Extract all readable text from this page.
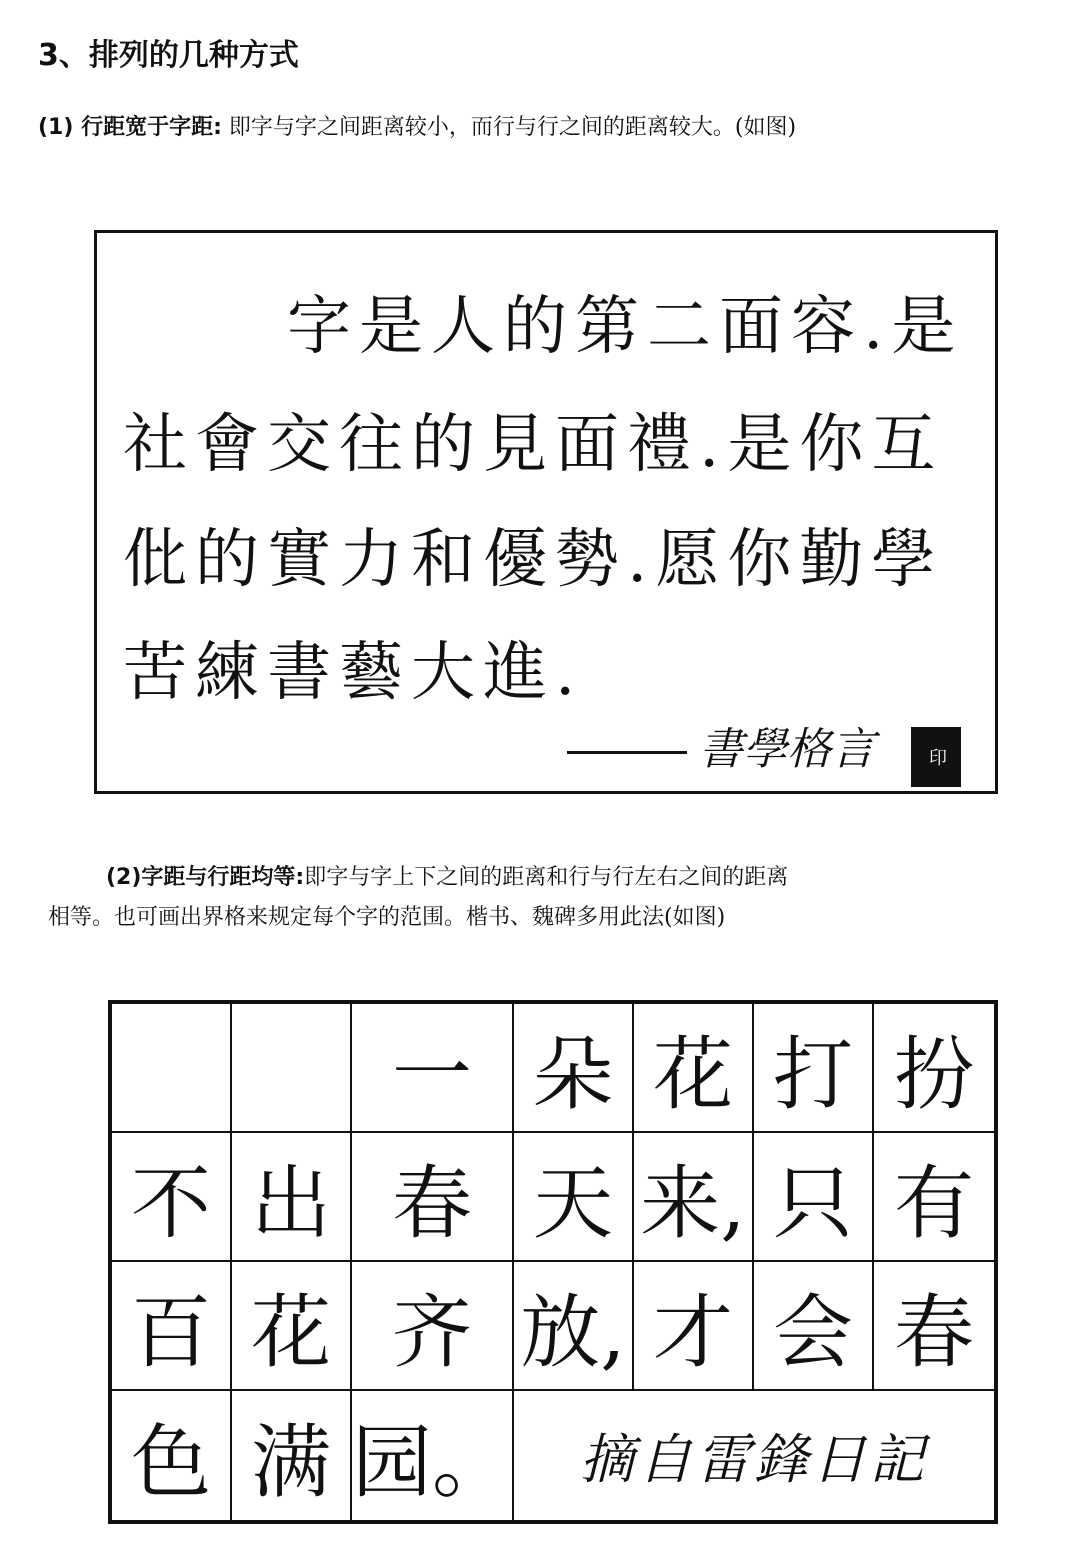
3、排列的几种方式
(1) 行距宽于字距: 即字与字之间距离较小，而行与行之间的距离较大。(如图)
字是人的第二面容.是
社會交往的見面禮.是你互
仳的實力和優勢.愿你勤學
苦練書藝大進.
書學格言	印
(2)字距与行距均等:即字与字上下之间的距离和行与行左右之间的距离
相等。也可画出界格来规定每个字的范围。楷书、魏碑多用此法(如图)
一 朵 花 打 扮
不 出 春 天 来, 只 有
百 花 齐 放, 才 会 春
色 满 园。	摘自雷鋒日記
